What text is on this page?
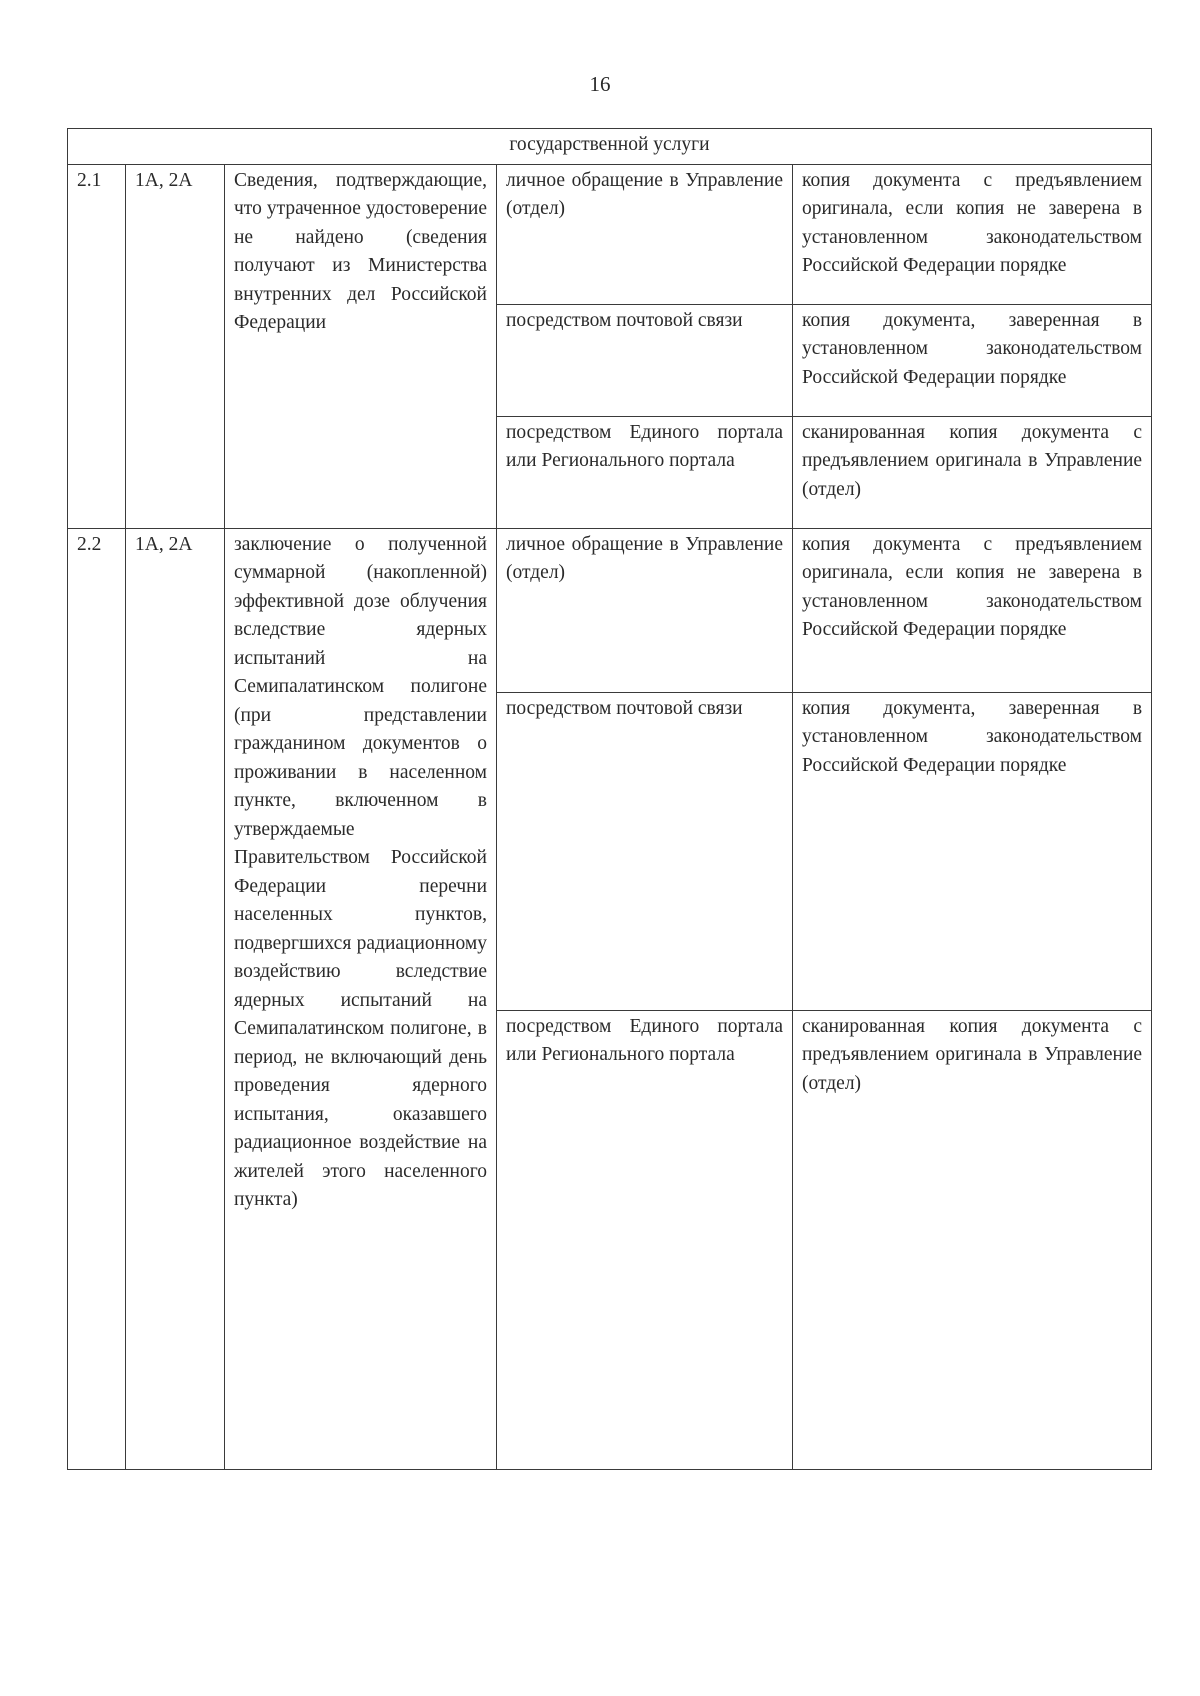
16
государственной услуги				
2.1	1А, 2А	Сведения, подтверждающие, что утраченное удостоверение не найдено (сведения получают из Министерства внутренних дел Российской Федерации	личное обращение в Управление (отдел)	копия документа с предъявлением оригинала, если копия не заверена в установленном законодательством Российской Федерации порядке
			посредством почтовой связи	копия документа, заверенная в установленном законодательством Российской Федерации порядке
			посредством Единого портала или Регионального портала	сканированная копия документа с предъявлением оригинала в Управление (отдел)
2.2	1А, 2А	заключение о полученной суммарной (накопленной) эффективной дозе облучения вследствие ядерных испытаний на Семипалатинском полигоне (при представлении гражданином документов о проживании в населенном пункте, включенном в утверждаемые Правительством Российской Федерации перечни населенных пунктов, подвергшихся радиационному воздействию вследствие ядерных испытаний на Семипалатинском полигоне, в период, не включающий день проведения ядерного испытания, оказавшего радиационное воздействие на жителей этого населенного пункта)	личное обращение в Управление (отдел)	копия документа с предъявлением оригинала, если копия не заверена в установленном законодательством Российской Федерации порядке
			посредством почтовой связи	копия документа, заверенная в установленном законодательством Российской Федерации порядке
			посредством Единого портала или Регионального портала	сканированная копия документа с предъявлением оригинала в Управление (отдел)
